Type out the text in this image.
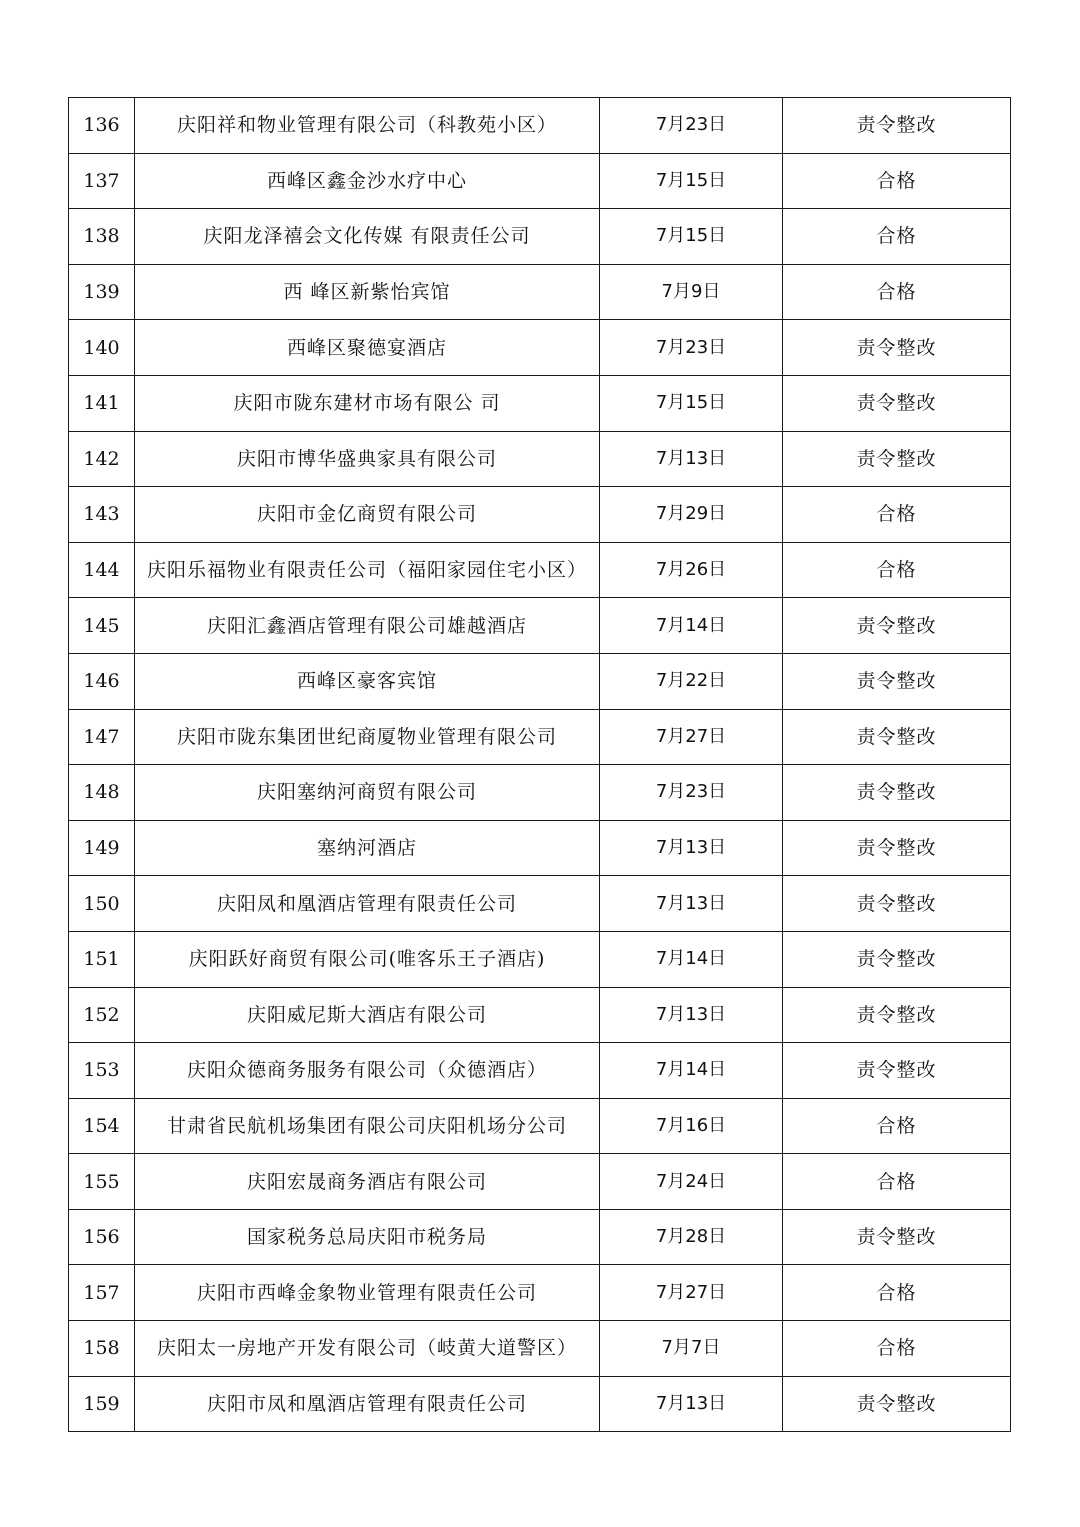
136	庆阳祥和物业管理有限公司（科教苑小区）	7月23日	责令整改
137	西峰区鑫金沙水疗中心	7月15日	合格
138	庆阳龙泽禧会文化传媒 有限责任公司	7月15日	合格
139	西 峰区新紫怡宾馆	7月9日	合格
140	西峰区聚德宴酒店	7月23日	责令整改
141	庆阳市陇东建材市场有限公 司	7月15日	责令整改
142	庆阳市博华盛典家具有限公司	7月13日	责令整改
143	庆阳市金亿商贸有限公司	7月29日	合格
144	庆阳乐福物业有限责任公司（福阳家园住宅小区）	7月26日	合格
145	庆阳汇鑫酒店管理有限公司雄越酒店	7月14日	责令整改
146	西峰区豪客宾馆	7月22日	责令整改
147	庆阳市陇东集团世纪商厦物业管理有限公司	7月27日	责令整改
148	庆阳塞纳河商贸有限公司	7月23日	责令整改
149	塞纳河酒店	7月13日	责令整改
150	庆阳凤和凰酒店管理有限责任公司	7月13日	责令整改
151	庆阳跃好商贸有限公司(唯客乐王子酒店)	7月14日	责令整改
152	庆阳威尼斯大酒店有限公司	7月13日	责令整改
153	庆阳众德商务服务有限公司（众德酒店）	7月14日	责令整改
154	甘肃省民航机场集团有限公司庆阳机场分公司	7月16日	合格
155	庆阳宏晟商务酒店有限公司	7月24日	合格
156	国家税务总局庆阳市税务局	7月28日	责令整改
157	庆阳市西峰金象物业管理有限责任公司	7月27日	合格
158	庆阳太一房地产开发有限公司（岐黄大道警区）	7月7日	合格
159	庆阳市凤和凰酒店管理有限责任公司	7月13日	责令整改
